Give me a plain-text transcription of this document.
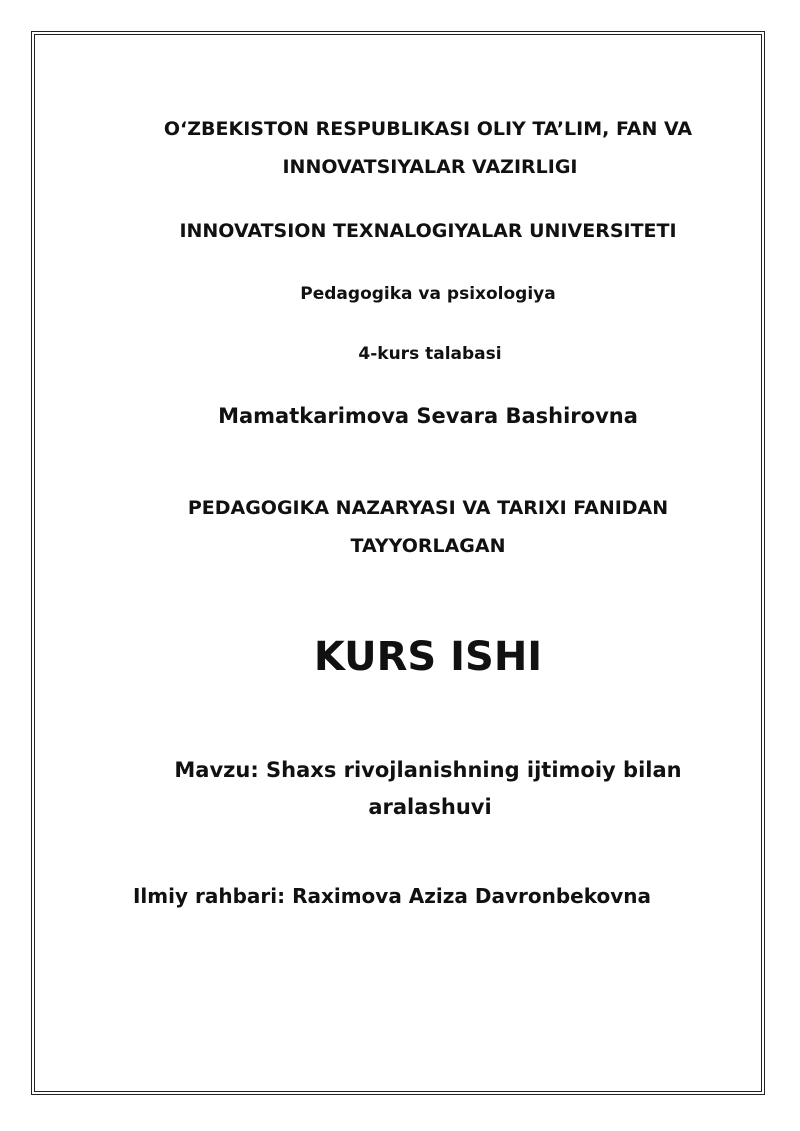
O‘ZBEKISTON RESPUBLIKASI OLIY TA’LIM, FAN VA
INNOVATSIYALAR VAZIRLIGI
INNOVATSION TEXNALOGIYALAR UNIVERSITETI
Pedagogika va psixologiya
4-kurs talabasi
Mamatkarimova Sevara Bashirovna
PEDAGOGIKA NAZARYASI VA TARIXI FANIDAN
TAYYORLAGAN
KURS ISHI
Mavzu: Shaxs rivojlanishning ijtimoiy bilan
aralashuvi
Ilmiy rahbari: Raximova Aziza Davronbekovna
